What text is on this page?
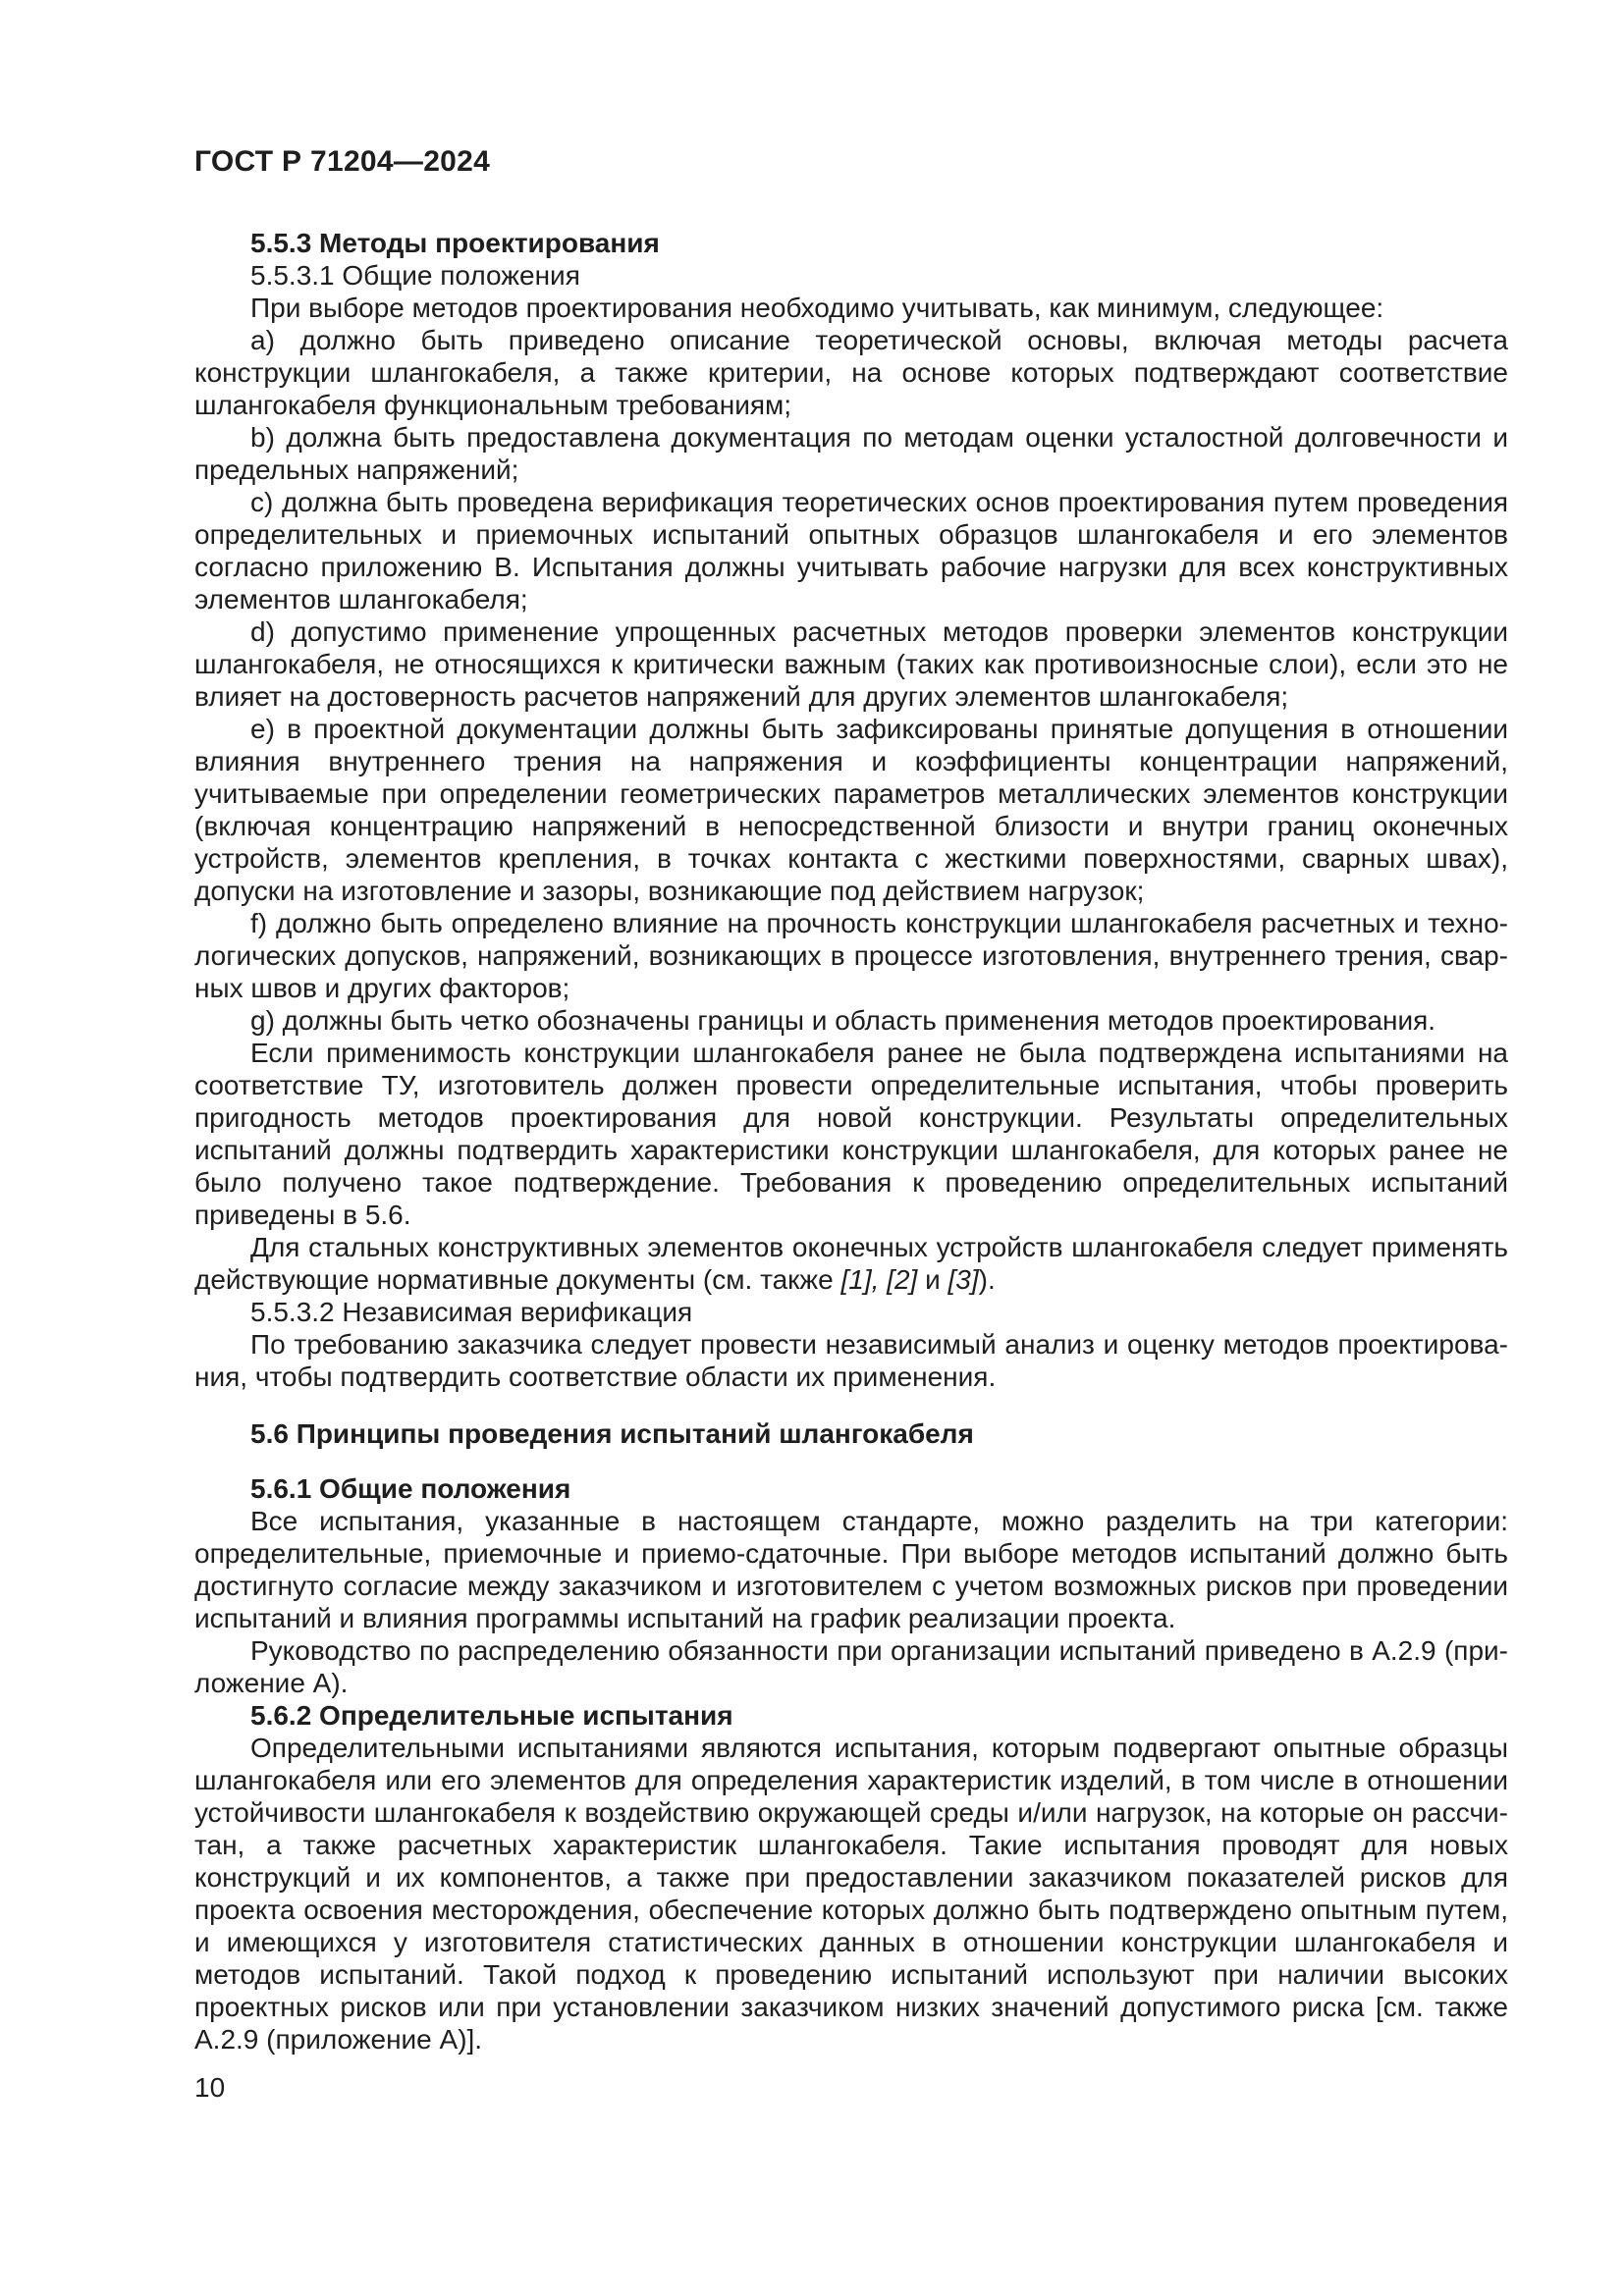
ГОСТ Р 71204—2024

5.5.3 Методы проектирования

5.5.3.1 Общие положения

При выборе методов проектирования необходимо учитывать, как минимум, следующее:

a) должно быть приведено описание теоретической основы, включая методы расчета конструкции шлангокабеля, а также критерии, на основе которых подтверждают соответствие шлангокабеля функциональным требованиям;

b) должна быть предоставлена документация по методам оценки усталостной долговечности и предельных напряжений;

c) должна быть проведена верификация теоретических основ проектирования путем проведения определительных и приемочных испытаний опытных образцов шлангокабеля и его элементов согласно приложению В. Испытания должны учитывать рабочие нагрузки для всех конструктивных элементов шлангокабеля;

d) допустимо применение упрощенных расчетных методов проверки элементов конструкции шлангокабеля, не относящихся к критически важным (таких как противоизносные слои), если это не влияет на достоверность расчетов напряжений для других элементов шлангокабеля;

e) в проектной документации должны быть зафиксированы принятые допущения в отношении влияния внутреннего трения на напряжения и коэффициенты концентрации напряжений, учитываемые при определении геометрических параметров металлических элементов конструкции (включая концентрацию напряжений в непосредственной близости и внутри границ оконечных устройств, элементов крепления, в точках контакта с жесткими поверхностями, сварных швах), допуски на изготовление и зазоры, возникающие под действием нагрузок;

f) должно быть определено влияние на прочность конструкции шлангокабеля расчетных и технологических допусков, напряжений, возникающих в процессе изготовления, внутреннего трения, сварных швов и других факторов;

g) должны быть четко обозначены границы и область применения методов проектирования.

Если применимость конструкции шлангокабеля ранее не была подтверждена испытаниями на соответствие ТУ, изготовитель должен провести определительные испытания, чтобы проверить пригодность методов проектирования для новой конструкции. Результаты определительных испытаний должны подтвердить характеристики конструкции шлангокабеля, для которых ранее не было получено такое подтверждение. Требования к проведению определительных испытаний приведены в 5.6.

Для стальных конструктивных элементов оконечных устройств шлангокабеля следует применять действующие нормативные документы (см. также [1], [2] и [3]).

5.5.3.2 Независимая верификация

По требованию заказчика следует провести независимый анализ и оценку методов проектирования, чтобы подтвердить соответствие области их применения.

5.6 Принципы проведения испытаний шлангокабеля

5.6.1 Общие положения

Все испытания, указанные в настоящем стандарте, можно разделить на три категории: определительные, приемочные и приемо-сдаточные. При выборе методов испытаний должно быть достигнуто согласие между заказчиком и изготовителем с учетом возможных рисков при проведении испытаний и влияния программы испытаний на график реализации проекта.

Руководство по распределению обязанности при организации испытаний приведено в А.2.9 (приложение А).

5.6.2 Определительные испытания

Определительными испытаниями являются испытания, которым подвергают опытные образцы шлангокабеля или его элементов для определения характеристик изделий, в том числе в отношении устойчивости шлангокабеля к воздействию окружающей среды и/или нагрузок, на которые он рассчитан, а также расчетных характеристик шлангокабеля. Такие испытания проводят для новых конструкций и их компонентов, а также при предоставлении заказчиком показателей рисков для проекта освоения месторождения, обеспечение которых должно быть подтверждено опытным путем, и имеющихся у изготовителя статистических данных в отношении конструкции шлангокабеля и методов испытаний. Такой подход к проведению испытаний используют при наличии высоких проектных рисков или при установлении заказчиком низких значений допустимого риска [см. также А.2.9 (приложение А)].

10
